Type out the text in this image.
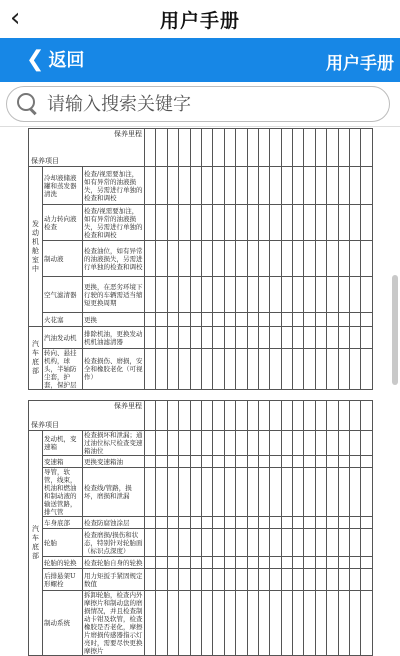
‹	用户手册
❮ 返回	用户手册
请输入搜索关键字
保养里程
保养项目																						

发动机舱室中	冷却液储液罐和蒸发器清洗	检查/视需要加注，如有异常的油液损失，另需进行单独的检查和调校																				
	动力转向液检查	检查/视需要加注，如有异常的油液损失，另需进行单独的检查和调校																				
	制动液	检查油位，如有异常的油液损失，另需进行单独的检查和调校																				
	空气滤清器	更换，在恶劣环境下行驶的车辆需适当缩短更换周期																				
	火花塞	更换																				
汽车底部	汽油发动机	排除机油，更换发动机机油滤清器																				
	转向、悬挂机构，球头，半轴防尘套，护套，保护层	检查损伤、磨损，安全和橡胶老化（可视作）																				
保养里程
保养项目																						

汽车底部	发动机，变速箱	检查损坏和泄漏；通过油位标尺检查变速箱油位																				
	变速箱	更换变速箱油																				
	导管，软管，线束，机油和燃油和制动液的输送管路，排气管	检查线/管路，损坏，磨损和泄漏																				
	车身底部	检查防腐蚀涂层																				
	轮胎	检查磨损/损伤和状态，特别针对轮胎面（标识点深度）																				
	轮胎的轮换	检查轮胎自身的轮换																				
	后排悬架U形螺栓	用力矩扳手紧固规定数值																				
	制动系统	拆卸轮胎，检查内外摩擦片和制动盘的磨损情况，并且检查制动卡钳及软管，检查橡胶是否老化，摩擦片磨损传感器指示灯亮时，需要尽快更换摩擦片																				
